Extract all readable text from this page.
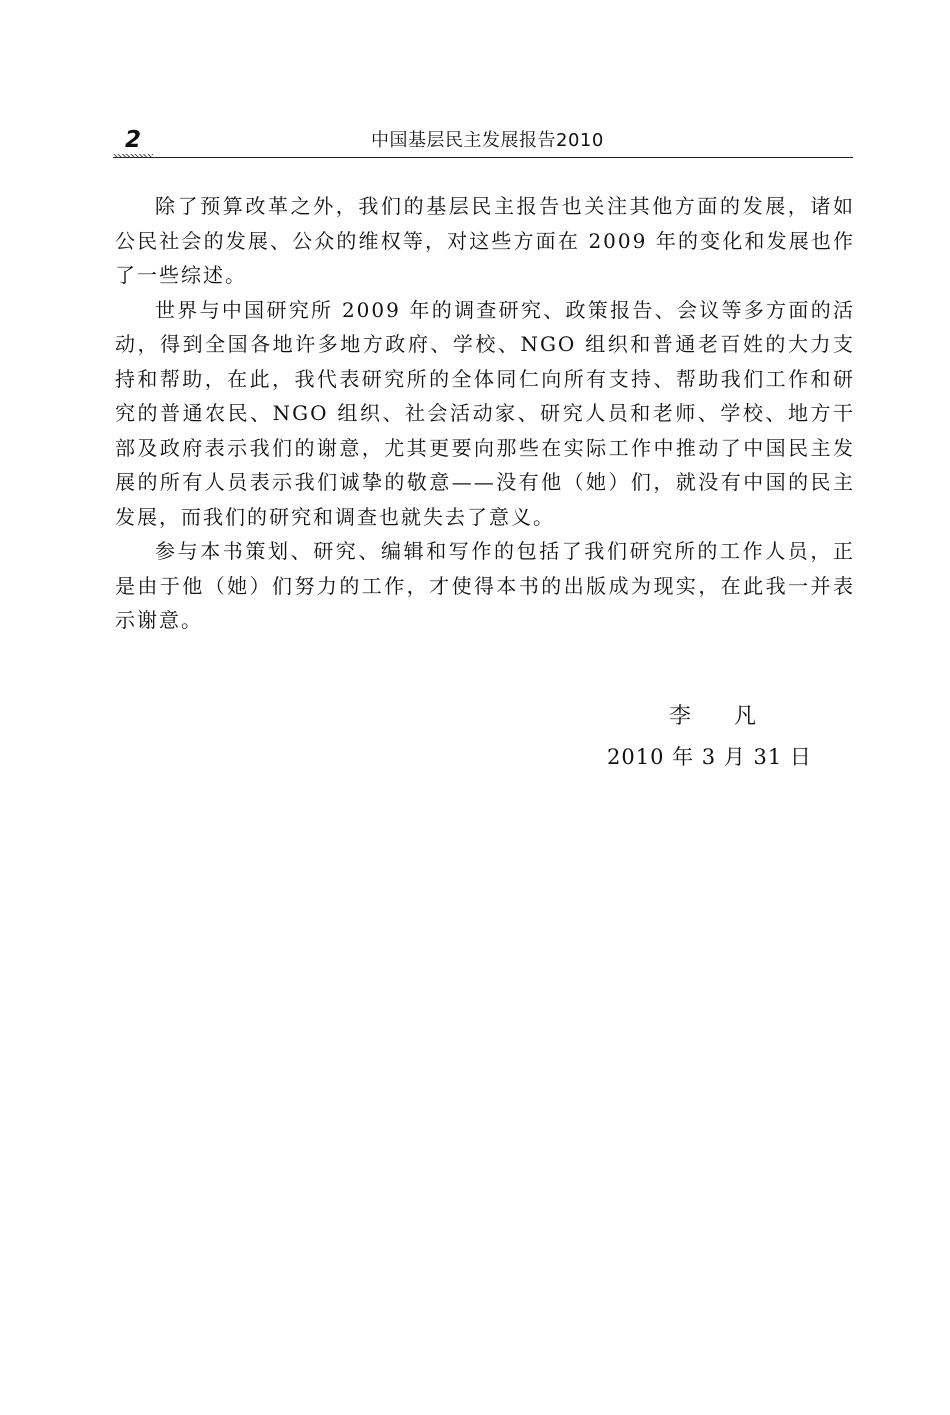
2	中国基层民主发展报告2010

除了预算改革之外，我们的基层民主报告也关注其他方面的发展，诸如公民社会的发展、公众的维权等，对这些方面在 2009 年的变化和发展也作了一些综述。

世界与中国研究所 2009 年的调查研究、政策报告、会议等多方面的活动，得到全国各地许多地方政府、学校、NGO 组织和普通老百姓的大力支持和帮助，在此，我代表研究所的全体同仁向所有支持、帮助我们工作和研究的普通农民、NGO 组织、社会活动家、研究人员和老师、学校、地方干部及政府表示我们的谢意，尤其更要向那些在实际工作中推动了中国民主发展的所有人员表示我们诚挚的敬意——没有他（她）们，就没有中国的民主发展，而我们的研究和调查也就失去了意义。

参与本书策划、研究、编辑和写作的包括了我们研究所的工作人员，正是由于他（她）们努力的工作，才使得本书的出版成为现实，在此我一并表示谢意。

李 凡
2010 年 3 月 31 日
